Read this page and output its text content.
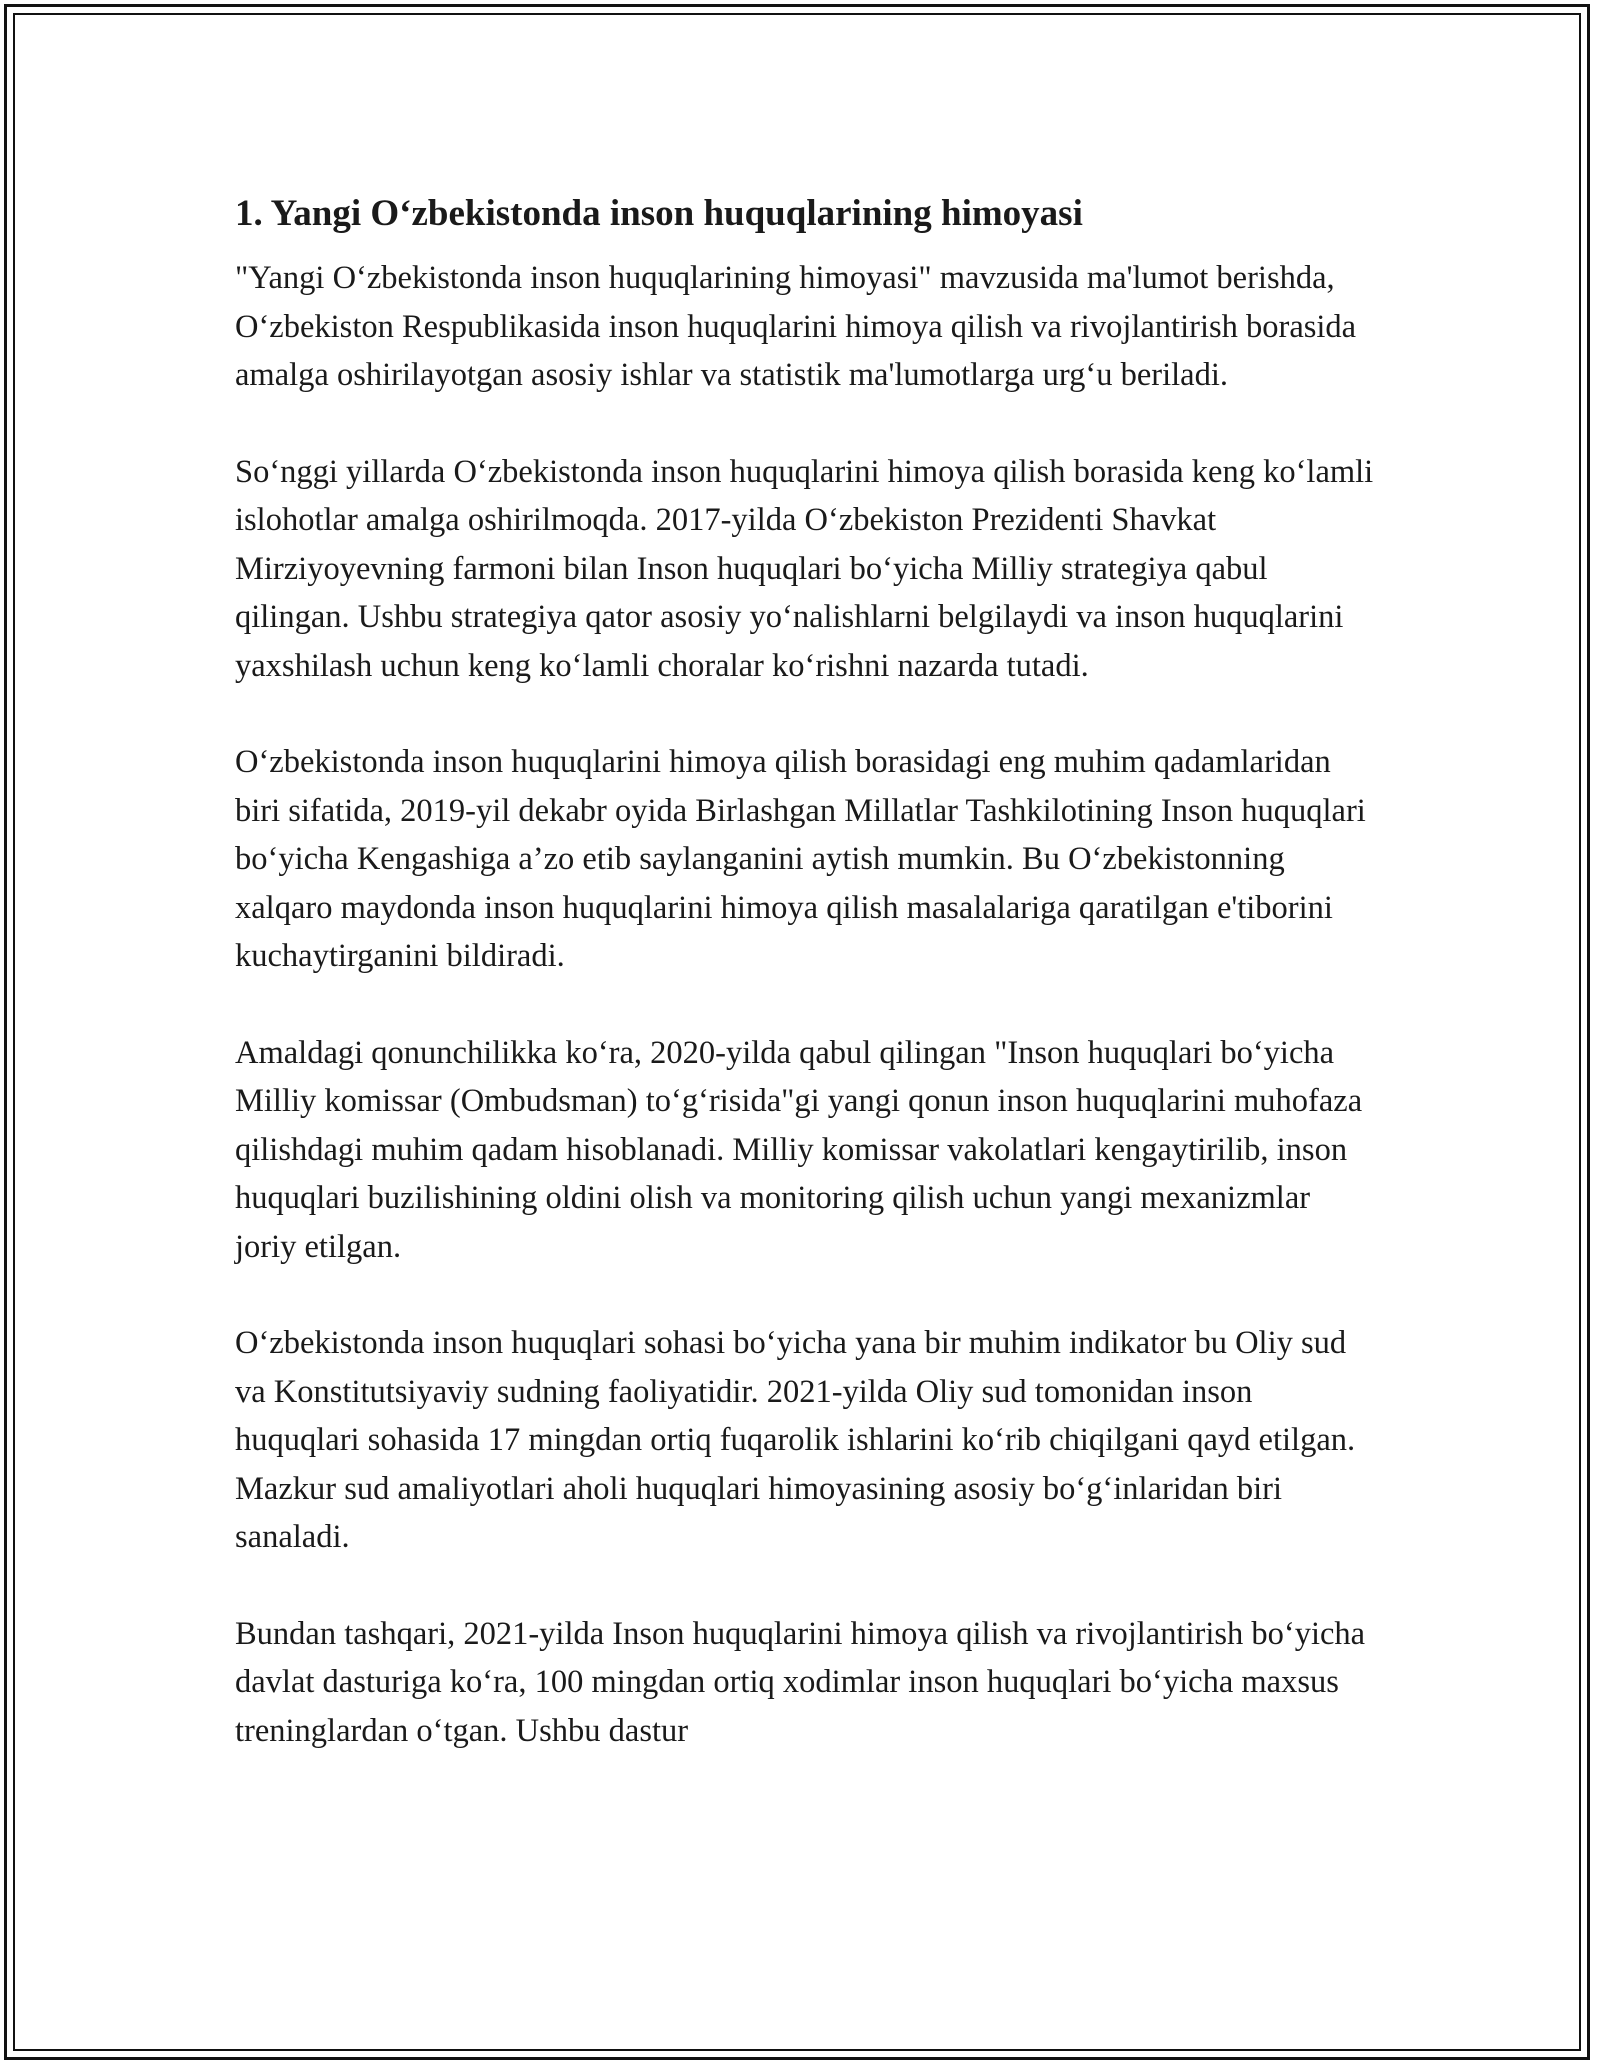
1. Yangi O‘zbekistonda inson huquqlarining himoyasi

"Yangi O‘zbekistonda inson huquqlarining himoyasi" mavzusida ma'lumot berishda, O‘zbekiston Respublikasida inson huquqlarini himoya qilish va rivojlantirish borasida amalga oshirilayotgan asosiy ishlar va statistik ma'lumotlarga urg‘u beriladi.

So‘nggi yillarda O‘zbekistonda inson huquqlarini himoya qilish borasida keng ko‘lamli islohotlar amalga oshirilmoqda. 2017-yilda O‘zbekiston Prezidenti Shavkat Mirziyoyevning farmoni bilan Inson huquqlari bo‘yicha Milliy strategiya qabul qilingan. Ushbu strategiya qator asosiy yo‘nalishlarni belgilaydi va inson huquqlarini yaxshilash uchun keng ko‘lamli choralar ko‘rishni nazarda tutadi.

O‘zbekistonda inson huquqlarini himoya qilish borasidagi eng muhim qadamlaridan biri sifatida, 2019-yil dekabr oyida Birlashgan Millatlar Tashkilotining Inson huquqlari bo‘yicha Kengashiga a’zo etib saylanganini aytish mumkin. Bu O‘zbekistonning xalqaro maydonda inson huquqlarini himoya qilish masalalariga qaratilgan e'tiborini kuchaytirganini bildiradi.

Amaldagi qonunchilikka ko‘ra, 2020-yilda qabul qilingan "Inson huquqlari bo‘yicha Milliy komissar (Ombudsman) to‘g‘risida"gi yangi qonun inson huquqlarini muhofaza qilishdagi muhim qadam hisoblanadi. Milliy komissar vakolatlari kengaytirilib, inson huquqlari buzilishining oldini olish va monitoring qilish uchun yangi mexanizmlar joriy etilgan.

O‘zbekistonda inson huquqlari sohasi bo‘yicha yana bir muhim indikator bu Oliy sud va Konstitutsiyaviy sudning faoliyatidir. 2021-yilda Oliy sud tomonidan inson huquqlari sohasida 17 mingdan ortiq fuqarolik ishlarini ko‘rib chiqilgani qayd etilgan. Mazkur sud amaliyotlari aholi huquqlari himoyasining asosiy bo‘g‘inlaridan biri sanaladi.

Bundan tashqari, 2021-yilda Inson huquqlarini himoya qilish va rivojlantirish bo‘yicha davlat dasturiga ko‘ra, 100 mingdan ortiq xodimlar inson huquqlari bo‘yicha maxsus treninglardan o‘tgan. Ushbu dastur
